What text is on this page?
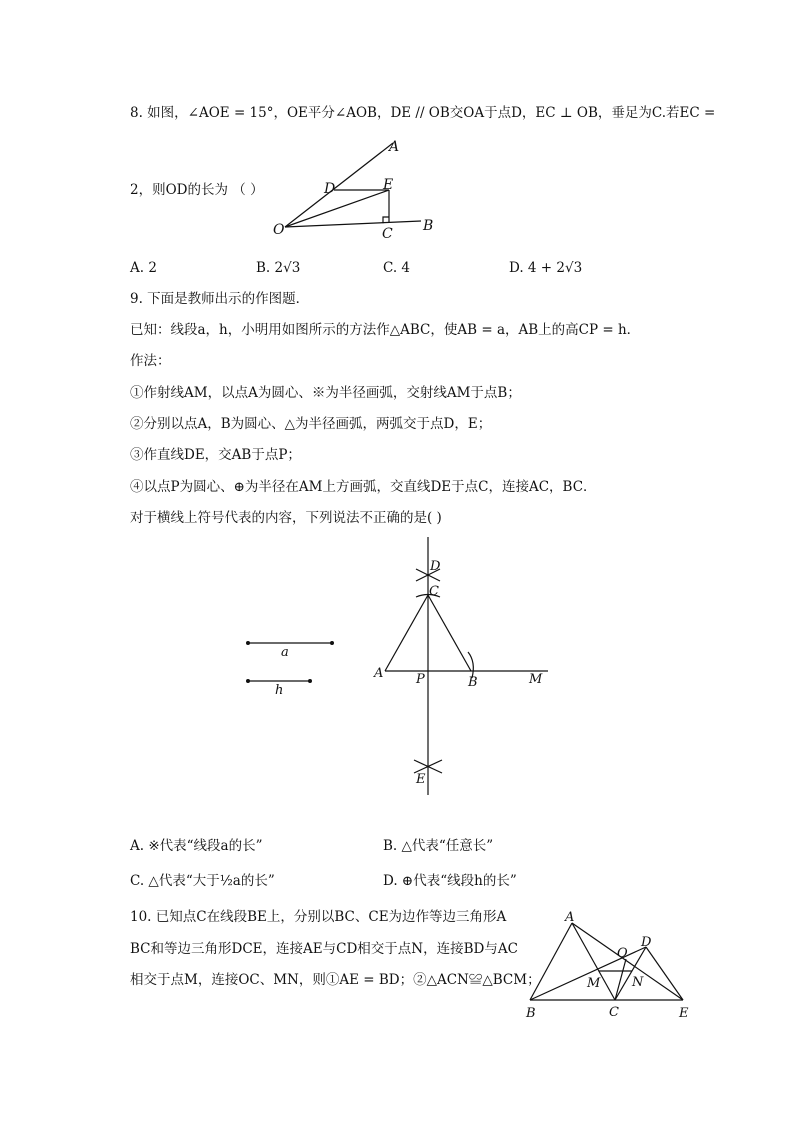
8. 如图，∠AOE = 15°，OE平分∠AOB，DE // OB交OA于点D，EC ⊥ OB，垂足为C.若EC =
2，则OD的长为 （ ）
A
D	E
O	C B
A. 2	B. 2√3	C. 4	D. 4 + 2√3
9. 下面是教师出示的作图题．
已知：线段a，h，小明用如图所示的方法作△ABC，使AB = a，AB上的高CP = h．
作法：
①作射线AM，以点A为圆心、※为半径画弧，交射线AM于点B；
②分别以点A，B为圆心、△为半径画弧，两弧交于点D，E；
③作直线DE，交AB于点P；
④以点P为圆心、⊕为半径在AM上方画弧，交直线DE于点C，连接AC，BC．
对于横线上符号代表的内容，下列说法不正确的是( )
a
h
D
C
A	P	B	M
E
A. ※代表“线段a的长”	B. △代表“任意长”
C. △代表“大于½a的长”	D. ⊕代表“线段h的长”
10. 已知点C在线段BE上，分别以BC、CE为边作等边三角形A
BC和等边三角形DCE，连接AE与CD相交于点N，连接BD与AC
相交于点M，连接OC、MN，则①AE = BD；②△ACN≌△BCM；
A
D
O
M N
B	C	E
